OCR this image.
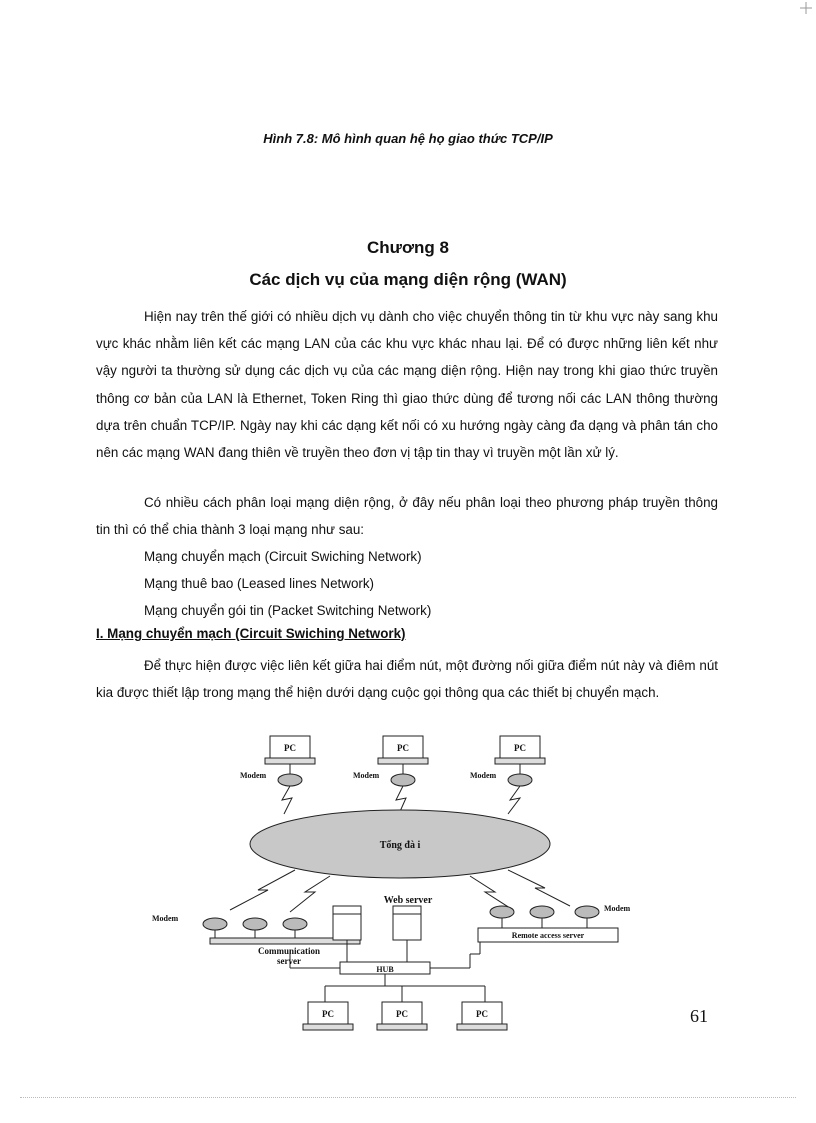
Hình 7.8: Mô hình quan hệ họ giao thức TCP/IP
Chương 8
Các dịch vụ của mạng diện rộng (WAN)

Hiện nay trên thế giới có nhiều dịch vụ dành cho việc chuyển thông tin từ khu vực này sang khu vực khác nhằm liên kết các mạng LAN của các khu vực khác nhau lại. Để có được những liên kết như vậy người ta thường sử dụng các dịch vụ của các mạng diện rộng. Hiện nay trong khi giao thức truyền thông cơ bản của LAN là Ethernet, Token Ring thì giao thức dùng để tương nối các LAN thông thường dựa trên chuẩn TCP/IP. Ngày nay khi các dạng kết nối có xu hướng ngày càng đa dạng và phân tán cho nên các mạng WAN đang thiên về truyền theo đơn vị tập tin thay vì truyền một lần xử lý.

Có nhiều cách phân loại mạng diện rộng, ở đây nếu phân loại theo phương pháp truyền thông tin thì có thể chia thành 3 loại mạng như sau:

Mạng chuyển mạch (Circuit Swiching Network)
Mạng thuê bao (Leased lines Network)
Mạng chuyển gói tin (Packet Switching Network)
I. Mạng chuyển mạch (Circuit Swiching Network)

Để thực hiện được việc liên kết giữa hai điểm nút, một đường nối giữa điểm nút này và điêm nút kia được thiết lập trong mạng thể hiện dưới dạng cuộc gọi thông qua các thiết bị chuyển mạch.

PC	PC	PC
Modem	Modem	Modem
Tổng đà i
Web server
Modem
Modem
Communication
server
Remote access server
HUB
PC	PC	PC	61
